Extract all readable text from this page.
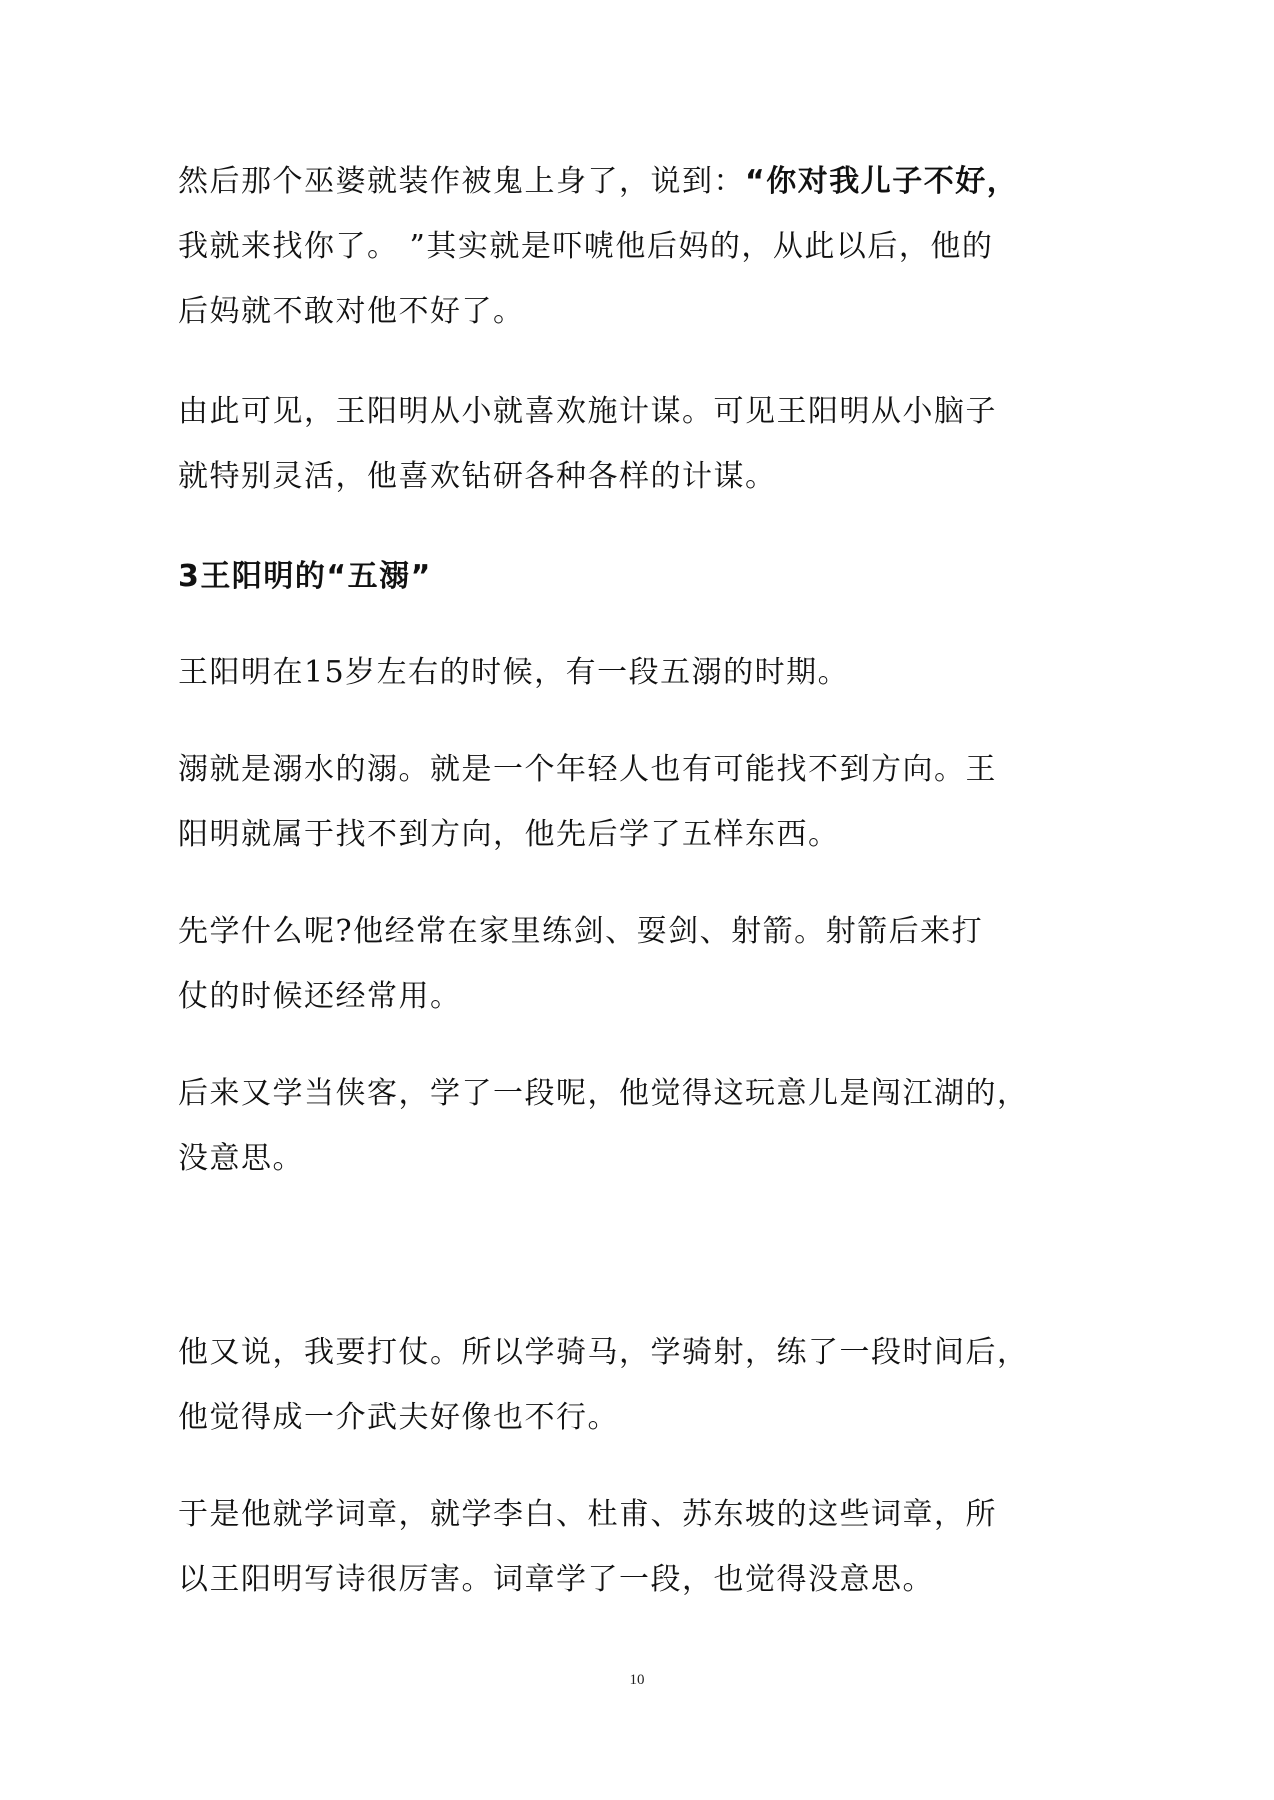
然后那个巫婆就装作被鬼上身了，说到：“你对我儿子不好，

我就来找你了。 ”其实就是吓唬他后妈的，从此以后，他的

后妈就不敢对他不好了。

由此可见，王阳明从小就喜欢施计谋。可见王阳明从小脑子

就特别灵活，他喜欢钻研各种各样的计谋。

3王阳明的“五溺”

王阳明在15岁左右的时候，有一段五溺的时期。

溺就是溺水的溺。就是一个年轻人也有可能找不到方向。王

阳明就属于找不到方向，他先后学了五样东西。

先学什么呢?他经常在家里练剑、耍剑、射箭。射箭后来打

仗的时候还经常用。

后来又学当侠客，学了一段呢，他觉得这玩意儿是闯江湖的，

没意思。

他又说，我要打仗。所以学骑马，学骑射，练了一段时间后，

他觉得成一介武夫好像也不行。

于是他就学词章，就学李白、杜甫、苏东坡的这些词章，所

以王阳明写诗很厉害。词章学了一段，也觉得没意思。

10
